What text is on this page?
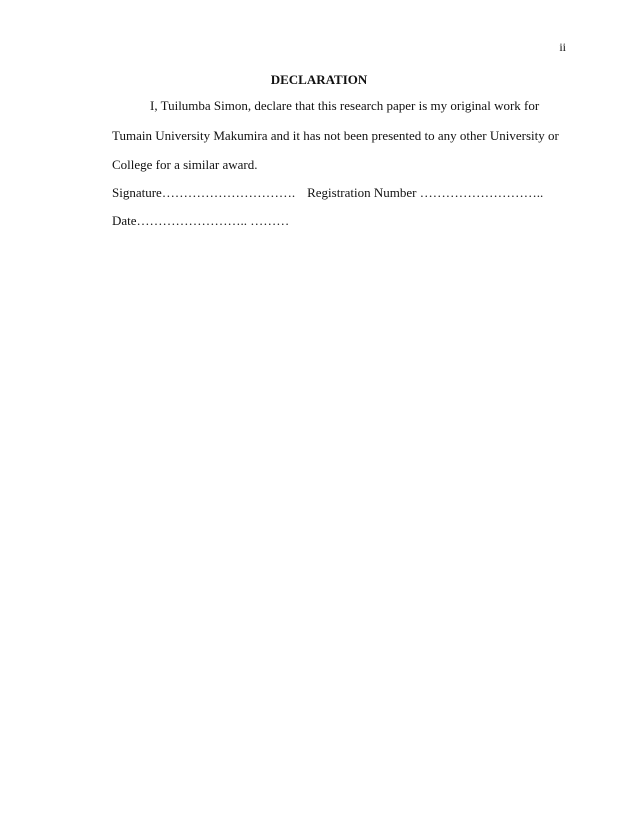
ii
DECLARATION
I, Tuilumba Simon, declare that this research paper is my original work for
Tumain University Makumira and it has not been presented to any other University or
College for a similar award.
Signature…………………………. Registration Number ………………………..
Date…………………….. ………
